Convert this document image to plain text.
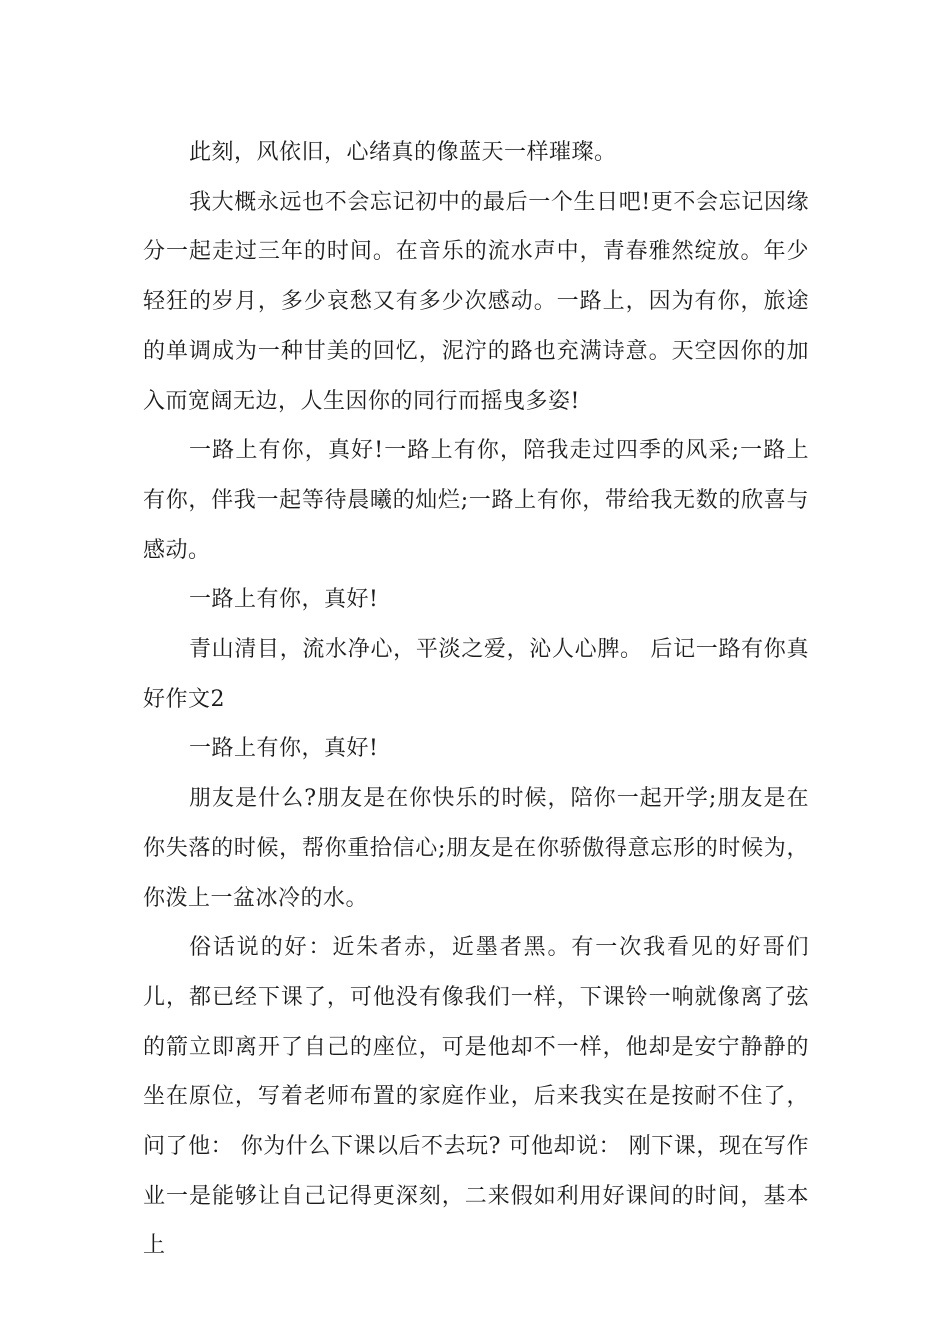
此刻，风依旧，心绪真的像蓝天一样璀璨。

我大概永远也不会忘记初中的最后一个生日吧!更不会忘记因缘分一起走过三年的时间。在音乐的流水声中，青春雅然绽放。年少轻狂的岁月，多少哀愁又有多少次感动。一路上，因为有你，旅途的单调成为一种甘美的回忆，泥泞的路也充满诗意。天空因你的加入而宽阔无边，人生因你的同行而摇曳多姿!

一路上有你，真好!一路上有你，陪我走过四季的风采;一路上有你，伴我一起等待晨曦的灿烂;一路上有你，带给我无数的欣喜与感动。

一路上有你，真好!

青山清目，流水净心，平淡之爱，沁人心脾。 后记一路有你真好作文2

一路上有你，真好!

朋友是什么?朋友是在你快乐的时候，陪你一起开学;朋友是在你失落的时候，帮你重拾信心;朋友是在你骄傲得意忘形的时候为，你泼上一盆冰冷的水。

俗话说的好：近朱者赤，近墨者黑。有一次我看见的好哥们儿，都已经下课了，可他没有像我们一样，下课铃一响就像离了弦的箭立即离开了自己的座位，可是他却不一样，他却是安宁静静的坐在原位，写着老师布置的家庭作业，后来我实在是按耐不住了，问了他： 你为什么下课以后不去玩? 可他却说： 刚下课，现在写作业一是能够让自己记得更深刻，二来假如利用好课间的时间，基本上
